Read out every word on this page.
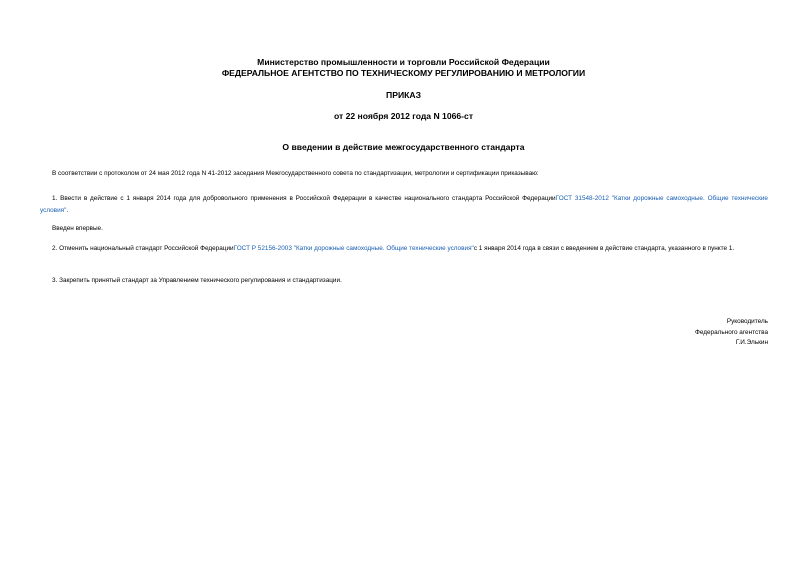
Министерство промышленности и торговли Российской Федерации
ФЕДЕРАЛЬНОЕ АГЕНТСТВО ПО ТЕХНИЧЕСКОМУ РЕГУЛИРОВАНИЮ И МЕТРОЛОГИИ
ПРИКАЗ
от 22 ноября 2012 года N 1066-ст
О введении в действие межгосударственного стандарта
В соответствии с протоколом от 24 мая 2012 года N 41-2012 заседания Межгосударственного совета по стандартизации, метрологии и сертификации приказываю:
1. Ввести в действие с 1 января 2014 года для добровольного применения в Российской Федерации в качестве национального стандарта Российской ФедерацииГОСТ 31548-2012 "Катки дорожные самоходные. Общие технические условия".
Введен впервые.
2. Отменить национальный стандарт Российской ФедерацииГОСТ Р 52156-2003 "Катки дорожные самоходные. Общие технические условия"с 1 января 2014 года в связи с введением в действие стандарта, указанного в пункте 1.
3. Закрепить принятый стандарт за Управлением технического регулирования и стандартизации.
Руководитель
Федерального агентства
Г.И.Элькин
